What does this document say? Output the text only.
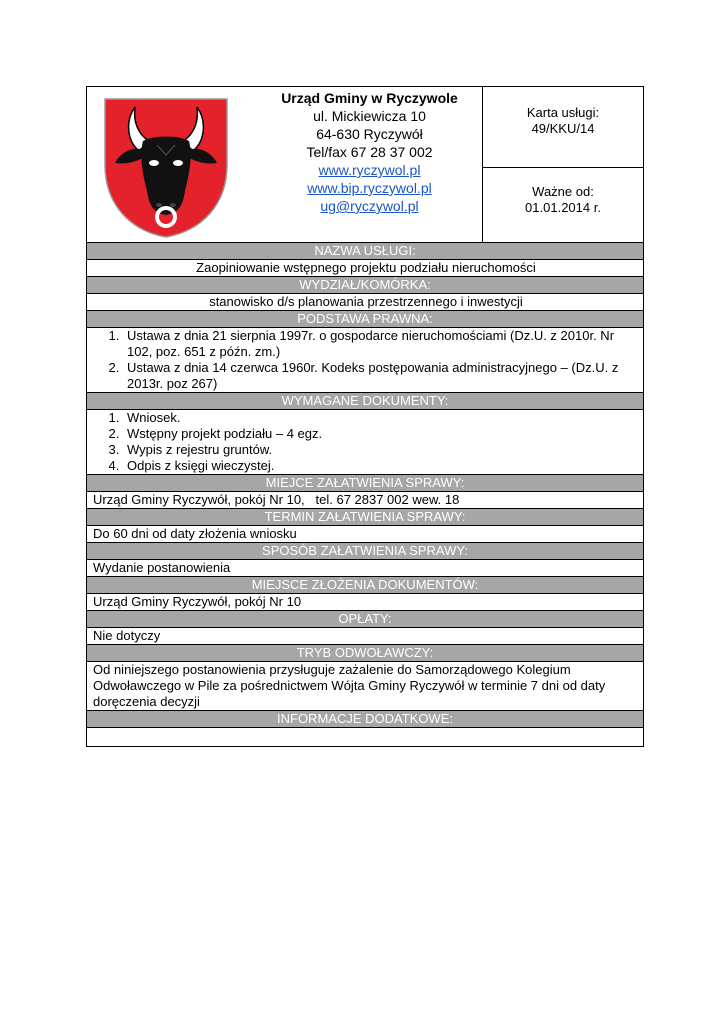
Urząd Gminy w Ryczywole
ul. Mickiewicza 10
64-630 Ryczywół
Tel/fax 67 28 37 002
www.ryczywol.pl
www.bip.ryczywol.pl
ug@ryczywol.pl
Karta usługi:
49/KKU/14
Ważne od:
01.01.2014 r.
NAZWA USŁUGI:
Zaopiniowanie wstępnego projektu podziału nieruchomości
WYDZIAŁ/KOMÓRKA:
stanowisko d/s planowania przestrzennego i inwestycji
PODSTAWA PRAWNA:
1. Ustawa z dnia 21 sierpnia 1997r. o gospodarce nieruchomościami (Dz.U. z 2010r. Nr 102, poz. 651 z późn. zm.)
2. Ustawa z dnia 14 czerwca 1960r. Kodeks postępowania administracyjnego – (Dz.U. z 2013r. poz 267)
WYMAGANE DOKUMENTY:
1. Wniosek.
2. Wstępny projekt podziału – 4 egz.
3. Wypis z rejestru gruntów.
4. Odpis z księgi wieczystej.
MIEJCE ZAŁATWIENIA SPRAWY:
Urząd Gminy Ryczywół, pokój Nr 10,   tel. 67 2837 002 wew. 18
TERMIN ZAŁATWIENIA SPRAWY:
Do 60 dni od daty złożenia wniosku
SPOSÓB ZAŁATWIENIA SPRAWY:
Wydanie postanowienia
MIEJSCE ZŁOŻENIA DOKUMENTÓW:
Urząd Gminy Ryczywół, pokój Nr 10
OPŁATY:
Nie dotyczy
TRYB ODWOŁAWCZY:
Od niniejszego postanowienia przysługuje zażalenie do Samorządowego Kolegium Odwoławczego w Pile za pośrednictwem Wójta Gminy Ryczywół w terminie 7 dni od daty doręczenia decyzji
INFORMACJE DODATKOWE:
